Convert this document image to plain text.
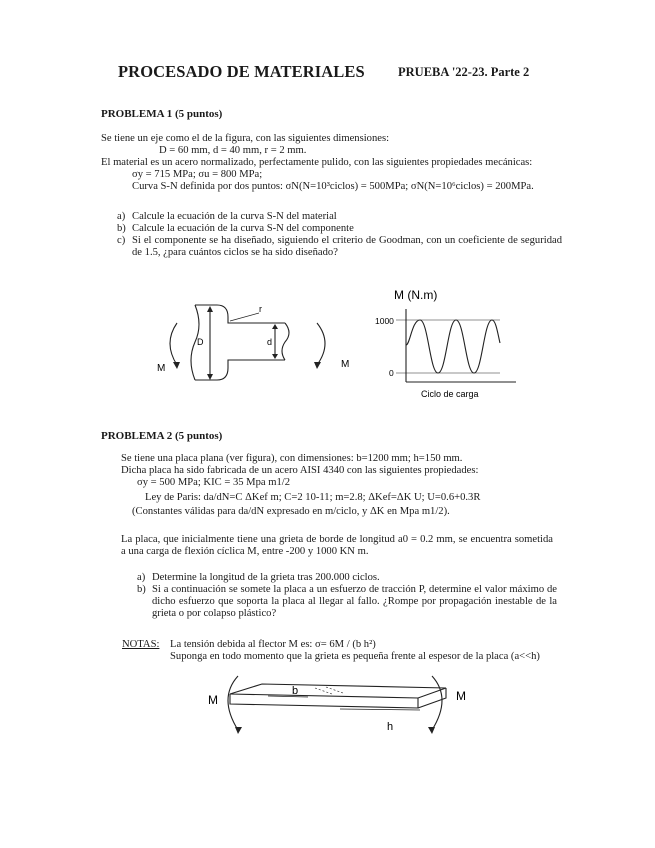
PROCESADO DE MATERIALES	PRUEBA '22-23. Parte 2
PROBLEMA 1 (5 puntos)
Se tiene un eje como el de la figura, con las siguientes dimensiones:
D = 60 mm, d = 40 mm, r = 2 mm.
El material es un acero normalizado, perfectamente pulido, con las siguientes propiedades mecánicas:
σy = 715 MPa; σu = 800 MPa;
Curva S-N definida por dos puntos: σN(N=10³ciclos) = 500MPa; σN(N=10⁶ciclos) = 200MPa.
a) Calcule la ecuación de la curva S-N del material
b) Calcule la ecuación de la curva S-N del componente
c) Si el componente se ha diseñado, siguiendo el criterio de Goodman, con un coeficiente de seguridad de 1.5, ¿para cuántos ciclos se ha sido diseñado?
D	d
r
M	M
M (N.m)
1000
0
Ciclo de carga
PROBLEMA 2 (5 puntos)
Se tiene una placa plana (ver figura), con dimensiones: b=1200 mm; h=150 mm.
Dicha placa ha sido fabricada de un acero AISI 4340 con las siguientes propiedades:
σy = 500 MPa; KIC = 35 Mpa m1/2
Ley de Paris: da/dN=C ΔKef m; C=2 10-11; m=2.8; ΔKef=ΔK U; U=0.6+0.3R
(Constantes válidas para da/dN expresado en m/ciclo, y ΔK en Mpa m1/2).
La placa, que inicialmente tiene una grieta de borde de longitud a0 = 0.2 mm, se encuentra sometida a una carga de flexión cíclica M, entre -200 y 1000 KN m.
a) Determine la longitud de la grieta tras 200.000 ciclos.
b) Si a continuación se somete la placa a un esfuerzo de tracción P, determine el valor máximo de dicho esfuerzo que soporta la placa al llegar al fallo. ¿Rompe por propagación inestable de la grieta o por colapso plástico?
NOTAS: La tensión debida al flector M es: σ= 6M / (b h²)
Suponga en todo momento que la grieta es pequeña frente al espesor de la placa (a<<h)
M	M
b
h
